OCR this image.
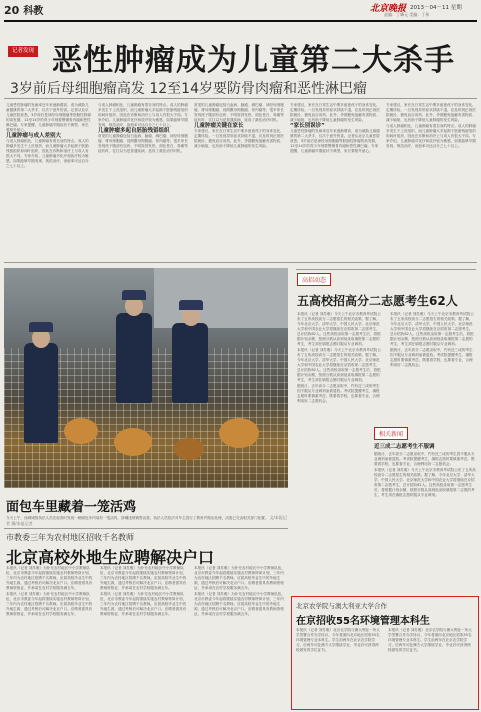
20 科教	北京晚报 2013－04－11 星期
责编：丁肇元 美编：丁伟
记者发现 恶性肿瘤成为儿童第二大杀手
3岁前后母细胞瘤高发 12至14岁要防骨肉瘤和恶性淋巴瘤

儿童恶性肿瘤的发病率近年来逐渐增高，成为威胁儿童健康的第二大杀手，仅次于意外伤害。记者从北京儿童医院获悉，3岁前后是神经母细胞瘤等胚胎性肿瘤的高发期，12至14岁的青少年则要警惕骨肉瘤和恶性淋巴瘤。专家提醒，儿童肿瘤早期症状不典型，家长要格外留心。

儿童肿瘤与成人差别大

与成人肿瘤相比，儿童肿瘤有着自身的特点。成人的肿瘤多发生于上皮组织，而儿童肿瘤大多起源于胚胎残留组织和间叶组织，因此在诊断和治疗上与成人有很大不同。专家介绍，儿童肿瘤对化疗和放疗较为敏感，如果能够早期发现、规范治疗，治愈率可达百分之七十以上。

与成人肿瘤相比，儿童肿瘤有着自身的特点。成人的肿瘤多发生于上皮组织，而儿童肿瘤大多起源于胚胎残留组织和间叶组织，因此在诊断和治疗上与成人有很大不同。专家介绍，儿童肿瘤对化疗和放疗较为敏感，如果能够早期发现、规范治疗，治愈率可达百分之七十以上。

儿童肿瘤多起自胚胎残留组织

常见的儿童肿瘤包括白血病、脑瘤、淋巴瘤、神经母细胞瘤、肾母细胞瘤、视网膜母细胞瘤、骨肉瘤等。很多家长发现孩子腹部有包块、不明原因发热、面色苍白、骨痛等症状时，往往以为是普通疾病，延误了最佳治疗时机。

常见的儿童肿瘤包括白血病、脑瘤、淋巴瘤、神经母细胞瘤、肾母细胞瘤、视网膜母细胞瘤、骨肉瘤等。很多家长发现孩子腹部有包块、不明原因发热、面色苍白、骨痛等症状时，往往以为是普通疾病，延误了最佳治疗时机。

儿童肿瘤关键在家长

专家建议，家长在日常生活中要多留意孩子的身体变化，定期体检。一旦发现异常症状持续不退，应及时到正规医院就诊，避免盲目用药。此外，孕期避免接触有害物质、减少辐射，也有助于降低儿童肿瘤的发生风险。

专家建议，家长在日常生活中要多留意孩子的身体变化，定期体检。一旦发现异常症状持续不退，应及时到正规医院就诊，避免盲目用药。此外，孕期避免接触有害物质、减少辐射，也有助于降低儿童肿瘤的发生风险。

“家长别误诊”

儿童恶性肿瘤的发病率近年来逐渐增高，成为威胁儿童健康的第二大杀手，仅次于意外伤害。记者从北京儿童医院获悉，3岁前后是神经母细胞瘤等胚胎性肿瘤的高发期，12至14岁的青少年则要警惕骨肉瘤和恶性淋巴瘤。专家提醒，儿童肿瘤早期症状不典型，家长要格外留心。

专家建议，家长在日常生活中要多留意孩子的身体变化，定期体检。一旦发现异常症状持续不退，应及时到正规医院就诊，避免盲目用药。此外，孕期避免接触有害物质、减少辐射，也有助于降低儿童肿瘤的发生风险。

与成人肿瘤相比，儿童肿瘤有着自身的特点。成人的肿瘤多发生于上皮组织，而儿童肿瘤大多起源于胚胎残留组织和间叶组织，因此在诊断和治疗上与成人有很大不同。专家介绍，儿童肿瘤对化疗和放疗较为敏感，如果能够早期发现、规范治疗，治愈率可达百分之七十以上。

面包车里藏着一笼活鸡
今天上午，西城城管执法人员在检查时发现一辆面包车内装有一笼活鸡，涉嫌违规销售活禽。执法人员依法对车主进行了教育并做出处理，活禽已交由相关部门处置。 文/本报记者 摄/本报记者
高招动态
五高校招高分二志愿考生62人

本报讯（记者 刘苏雅）今天上午北京市教育考试院公布了五所高校高分二志愿招生的相关政策。据了解，今年北京大学、清华大学、中国人民大学、北京师范大学和中国农业大学将继续在京招收第二志愿考生，总计招收62人。这些高校录取第一志愿考生后，将根据计划余额，按照分数从高到低录取填报第二志愿的考生，考生须在填报志愿时服从专业调剂。

本报讯（记者 刘苏雅）今天上午北京市教育考试院公布了五所高校高分二志愿招生的相关政策。据了解，今年北京大学、清华大学、中国人民大学、北京师范大学和中国农业大学将继续在京招收第二志愿考生，总计招收62人。这些高校录取第一志愿考生后，将根据计划余额，按照分数从高到低录取填报第二志愿的考生，考生须在填报志愿时服从专业调剂。

据统计，去年高分二志愿录取中，约有近三成的考生因不服从专业调剂而被退档。考试院提醒考生，填报志愿时要慎重考虑，既要看学校，也要看专业，合理利用好二志愿机会。

本报讯（记者 刘苏雅）今天上午北京市教育考试院公布了五所高校高分二志愿招生的相关政策。据了解，今年北京大学、清华大学、中国人民大学、北京师范大学和中国农业大学将继续在京招收第二志愿考生，总计招收62人。这些高校录取第一志愿考生后，将根据计划余额，按照分数从高到低录取填报第二志愿的考生，考生须在填报志愿时服从专业调剂。

据统计，去年高分二志愿录取中，约有近三成的考生因不服从专业调剂而被退档。考试院提醒考生，填报志愿时要慎重考虑，既要看学校，也要看专业，合理利用好二志愿机会。

相关新闻
近三成二志愿考生不服调

据统计，去年高分二志愿录取中，约有近三成的考生因不服从专业调剂而被退档。考试院提醒考生，填报志愿时要慎重考虑，既要看学校，也要看专业，合理利用好二志愿机会。

本报讯（记者 刘苏雅）今天上午北京市教育考试院公布了五所高校高分二志愿招生的相关政策。据了解，今年北京大学、清华大学、中国人民大学、北京师范大学和中国农业大学将继续在京招收第二志愿考生，总计招收62人。这些高校录取第一志愿考生后，将根据计划余额，按照分数从高到低录取填报第二志愿的考生，考生须在填报志愿时服从专业调剂。

市教委三年为农村地区招收千名教师
北京高校外地生应聘解决户口

本报讯（记者 刘苏雅）为补充农村地区中小学教师队伍，北京市教委今年起将继续实施农村教师特岗计划，三年内为农村地区招聘千名教师。应届高校毕业生中的外地生源，通过考核后可解决北京户口。应聘者需具有教师资格证，并承诺在农村学校服务满五年。

本报讯（记者 刘苏雅）为补充农村地区中小学教师队伍，北京市教委今年起将继续实施农村教师特岗计划，三年内为农村地区招聘千名教师。应届高校毕业生中的外地生源，通过考核后可解决北京户口。应聘者需具有教师资格证，并承诺在农村学校服务满五年。

本报讯（记者 刘苏雅）为补充农村地区中小学教师队伍，北京市教委今年起将继续实施农村教师特岗计划，三年内为农村地区招聘千名教师。应届高校毕业生中的外地生源，通过考核后可解决北京户口。应聘者需具有教师资格证，并承诺在农村学校服务满五年。

本报讯（记者 刘苏雅）为补充农村地区中小学教师队伍，北京市教委今年起将继续实施农村教师特岗计划，三年内为农村地区招聘千名教师。应届高校毕业生中的外地生源，通过考核后可解决北京户口。应聘者需具有教师资格证，并承诺在农村学校服务满五年。

本报讯（记者 刘苏雅）为补充农村地区中小学教师队伍，北京市教委今年起将继续实施农村教师特岗计划，三年内为农村地区招聘千名教师。应届高校毕业生中的外地生源，通过考核后可解决北京户口。应聘者需具有教师资格证，并承诺在农村学校服务满五年。

本报讯（记者 刘苏雅）为补充农村地区中小学教师队伍，北京市教委今年起将继续实施农村教师特岗计划，三年内为农村地区招聘千名教师。应届高校毕业生中的外地生源，通过考核后可解决北京户口。应聘者需具有教师资格证，并承诺在农村学校服务满五年。

北京农学院与澳大利亚大学合作
在京招收55名环境管理本科生

本报讯（记者 刘苏雅）北京农学院与澳大利亚一所大学签署合作办学协议，今年将面向北京地区招收55名环境管理专业本科生。学生前两年在北京农学院学习，后两年可赴澳方大学继续学业，毕业后可获得两校颁发的学位证书。

本报讯（记者 刘苏雅）北京农学院与澳大利亚一所大学签署合作办学协议，今年将面向北京地区招收55名环境管理专业本科生。学生前两年在北京农学院学习，后两年可赴澳方大学继续学业，毕业后可获得两校颁发的学位证书。
